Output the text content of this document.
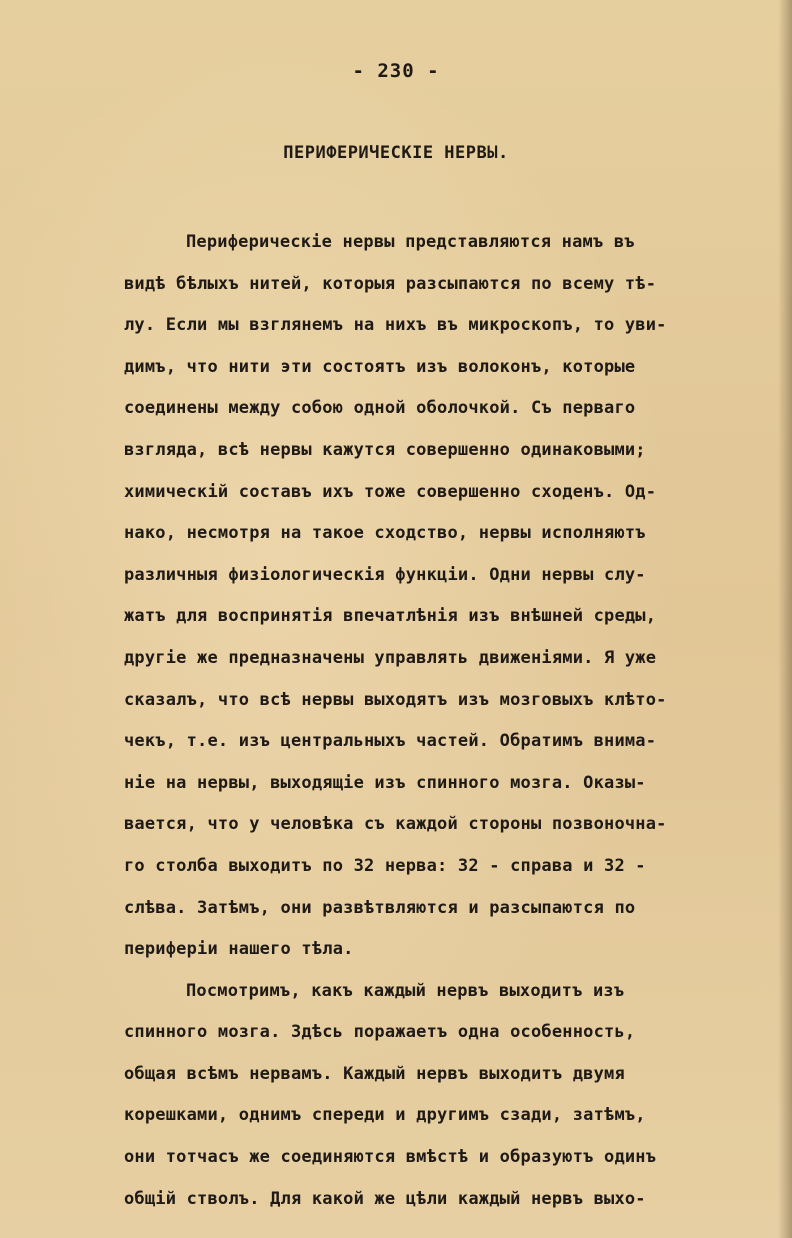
- 230 -
ПЕРИФЕРИЧЕСКIЕ НЕРВЫ.
Периферическiе нервы представляются намъ въ
видѣ бѣлыхъ нитей, которыя разсыпаются по всему тѣ-
лу. Если мы взглянемъ на нихъ въ микроскопъ, то уви-
димъ, что нити эти состоятъ изъ волоконъ, которые
соединены между собою одной оболочкой. Съ перваго
взгляда, всѣ нервы кажутся совершенно одинаковыми;
химическiй составъ ихъ тоже совершенно сходенъ. Од-
нако, несмотря на такое сходство, нервы исполняютъ
различныя физiологическiя функцiи. Одни нервы слу-
жатъ для воспринятiя впечатлѣнiя изъ внѣшней среды,
другiе же предназначены управлять движенiями. Я уже
сказалъ, что всѣ нервы выходятъ изъ мозговыхъ клѣто-
чекъ, т.е. изъ центральныхъ частей. Обратимъ внима-
нiе на нервы, выходящiе изъ спинного мозга. Оказы-
вается, что у человѣка съ каждой стороны позвоночна-
го столба выходитъ по 32 нерва: 32 - справа и 32 -
слѣва. Затѣмъ, они развѣтвляются и разсыпаются по
периферiи нашего тѣла.
Посмотримъ, какъ каждый нервъ выходитъ изъ
спинного мозга. Здѣсь поражаетъ одна особенность,
общая всѣмъ нервамъ. Каждый нервъ выходитъ двумя
корешками, однимъ спереди и другимъ сзади, затѣмъ,
они тотчасъ же соединяются вмѣстѣ и образуютъ одинъ
общiй стволъ. Для какой же цѣли каждый нервъ выхо-
